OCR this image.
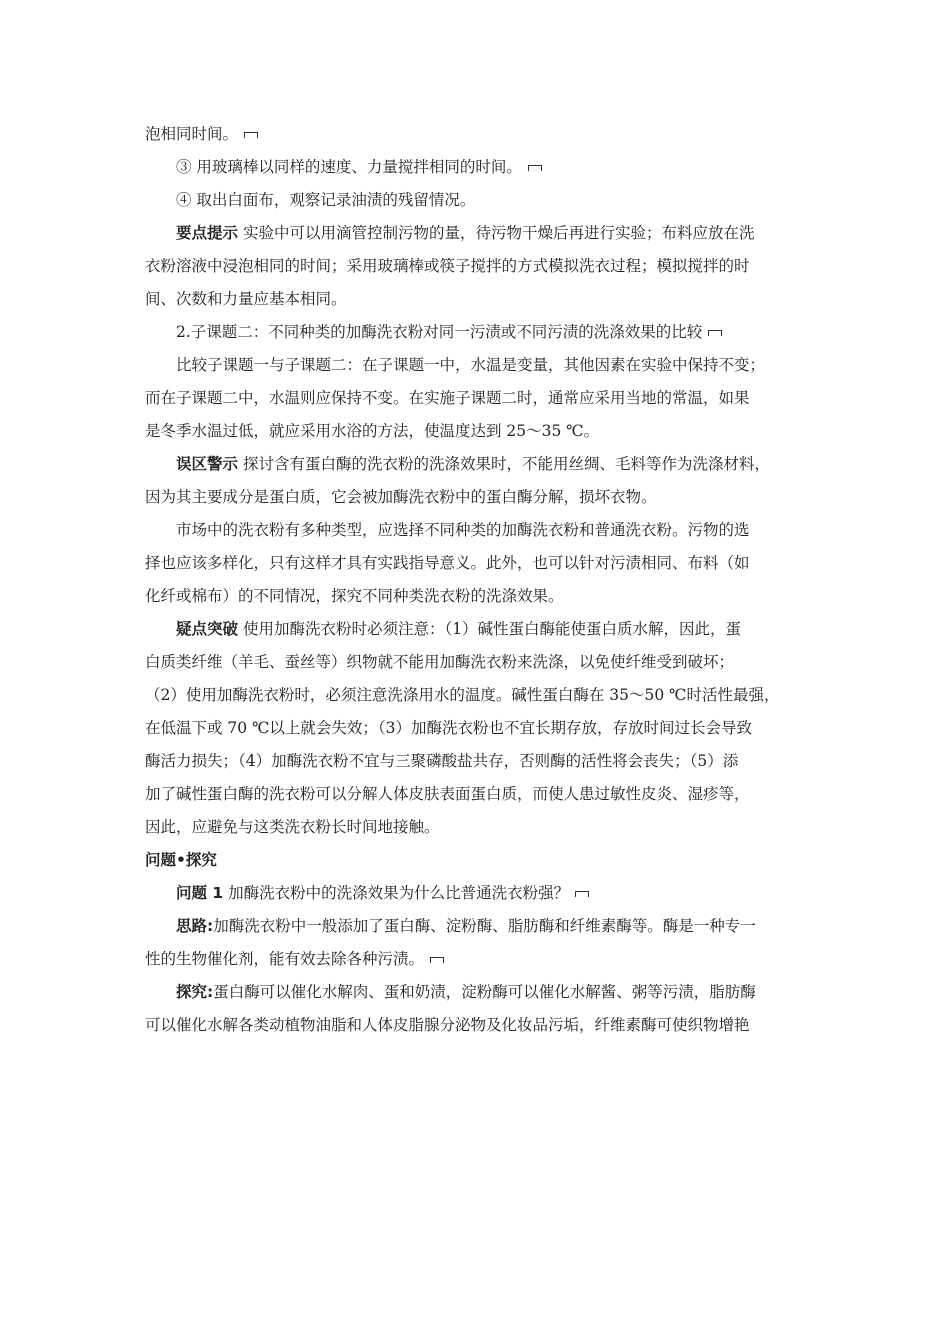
泡相同时间。
③ 用玻璃棒以同样的速度、力量搅拌相同的时间。
④ 取出白面布，观察记录油渍的残留情况。
要点提示 实验中可以用滴管控制污物的量，待污物干燥后再进行实验；布料应放在洗
衣粉溶液中浸泡相同的时间；采用玻璃棒或筷子搅拌的方式模拟洗衣过程；模拟搅拌的时
间、次数和力量应基本相同。
2.子课题二：不同种类的加酶洗衣粉对同一污渍或不同污渍的洗涤效果的比较
比较子课题一与子课题二：在子课题一中，水温是变量，其他因素在实验中保持不变；
而在子课题二中，水温则应保持不变。在实施子课题二时，通常应采用当地的常温，如果
是冬季水温过低，就应采用水浴的方法，使温度达到 25～35 ℃。
误区警示 探讨含有蛋白酶的洗衣粉的洗涤效果时，不能用丝绸、毛料等作为洗涤材料，
因为其主要成分是蛋白质，它会被加酶洗衣粉中的蛋白酶分解，损坏衣物。
市场中的洗衣粉有多种类型，应选择不同种类的加酶洗衣粉和普通洗衣粉。污物的选
择也应该多样化，只有这样才具有实践指导意义。此外，也可以针对污渍相同、布料（如
化纤或棉布）的不同情况，探究不同种类洗衣粉的洗涤效果。
疑点突破 使用加酶洗衣粉时必须注意：（1）碱性蛋白酶能使蛋白质水解，因此，蛋
白质类纤维（羊毛、蚕丝等）织物就不能用加酶洗衣粉来洗涤，以免使纤维受到破坏；
（2）使用加酶洗衣粉时，必须注意洗涤用水的温度。碱性蛋白酶在 35～50 ℃时活性最强，
在低温下或 70 ℃以上就会失效；（3）加酶洗衣粉也不宜长期存放，存放时间过长会导致
酶活力损失；（4）加酶洗衣粉不宜与三聚磷酸盐共存，否则酶的活性将会丧失；（5）添
加了碱性蛋白酶的洗衣粉可以分解人体皮肤表面蛋白质，而使人患过敏性皮炎、湿疹等，
因此，应避免与这类洗衣粉长时间地接触。
问题•探究
问题 1 加酶洗衣粉中的洗涤效果为什么比普通洗衣粉强？
思路:加酶洗衣粉中一般添加了蛋白酶、淀粉酶、脂肪酶和纤维素酶等。酶是一种专一
性的生物催化剂，能有效去除各种污渍。
探究:蛋白酶可以催化水解肉、蛋和奶渍，淀粉酶可以催化水解酱、粥等污渍，脂肪酶
可以催化水解各类动植物油脂和人体皮脂腺分泌物及化妆品污垢，纤维素酶可使织物增艳
